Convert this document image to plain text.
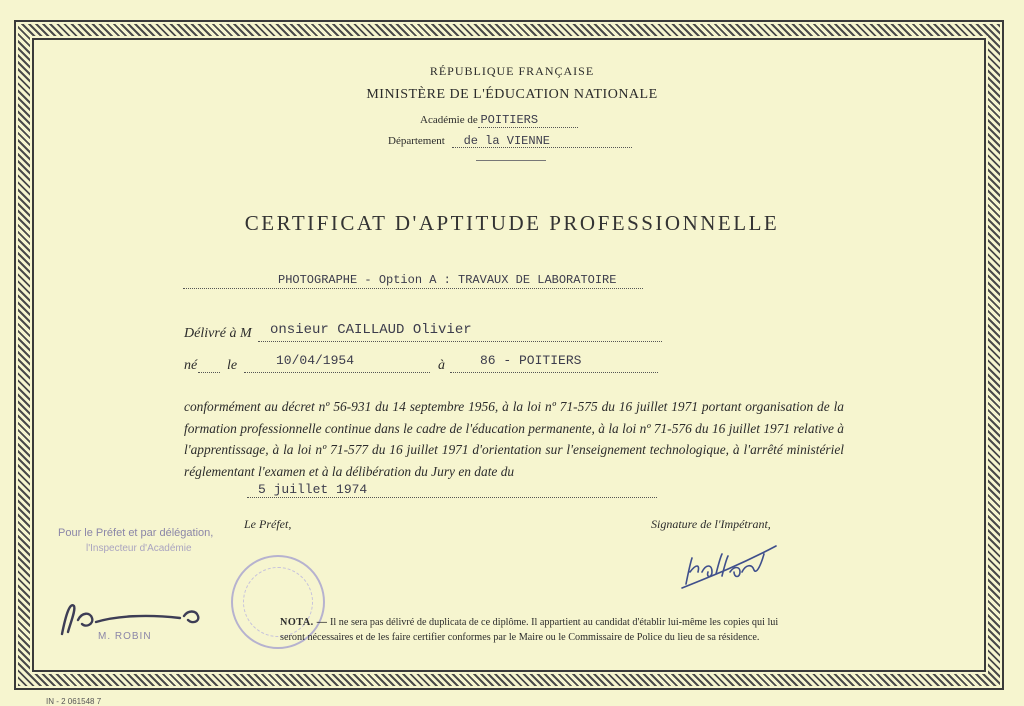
RÉPUBLIQUE FRANÇAISE
MINISTÈRE DE L'ÉDUCATION NATIONALE
Académie de POITIERS
Département de la VIENNE
CERTIFICAT D'APTITUDE PROFESSIONNELLE
PHOTOGRAPHE - Option A : TRAVAUX DE LABORATOIRE
Délivré à M onsieur CAILLAUD Olivier
né le	10/04/1954	à	86 - POITIERS
conformément au décret nº 56-931 du 14 septembre 1956, à la loi nº 71-575 du 16 juillet 1971 portant organisation de la formation professionnelle continue dans le cadre de l'éducation permanente, à la loi nº 71-576 du 16 juillet 1971 relative à l'apprentissage, à la loi nº 71-577 du 16 juillet 1971 d'orientation sur l'enseignement technologique, à l'arrêté ministériel réglementant l'examen et à la délibération du Jury en date du
5 juillet 1974
Le Préfet,	Signature de l'Impétrant,
Pour le Préfet et par délégation,
l'Inspecteur d'Académie
M. ROBIN
NOTA. — Il ne sera pas délivré de duplicata de ce diplôme. Il appartient au candidat d'établir lui-même les copies qui lui seront nécessaires et de les faire certifier conformes par le Maire ou le Commissaire de Police du lieu de sa résidence.
IN - 2 061548 7
